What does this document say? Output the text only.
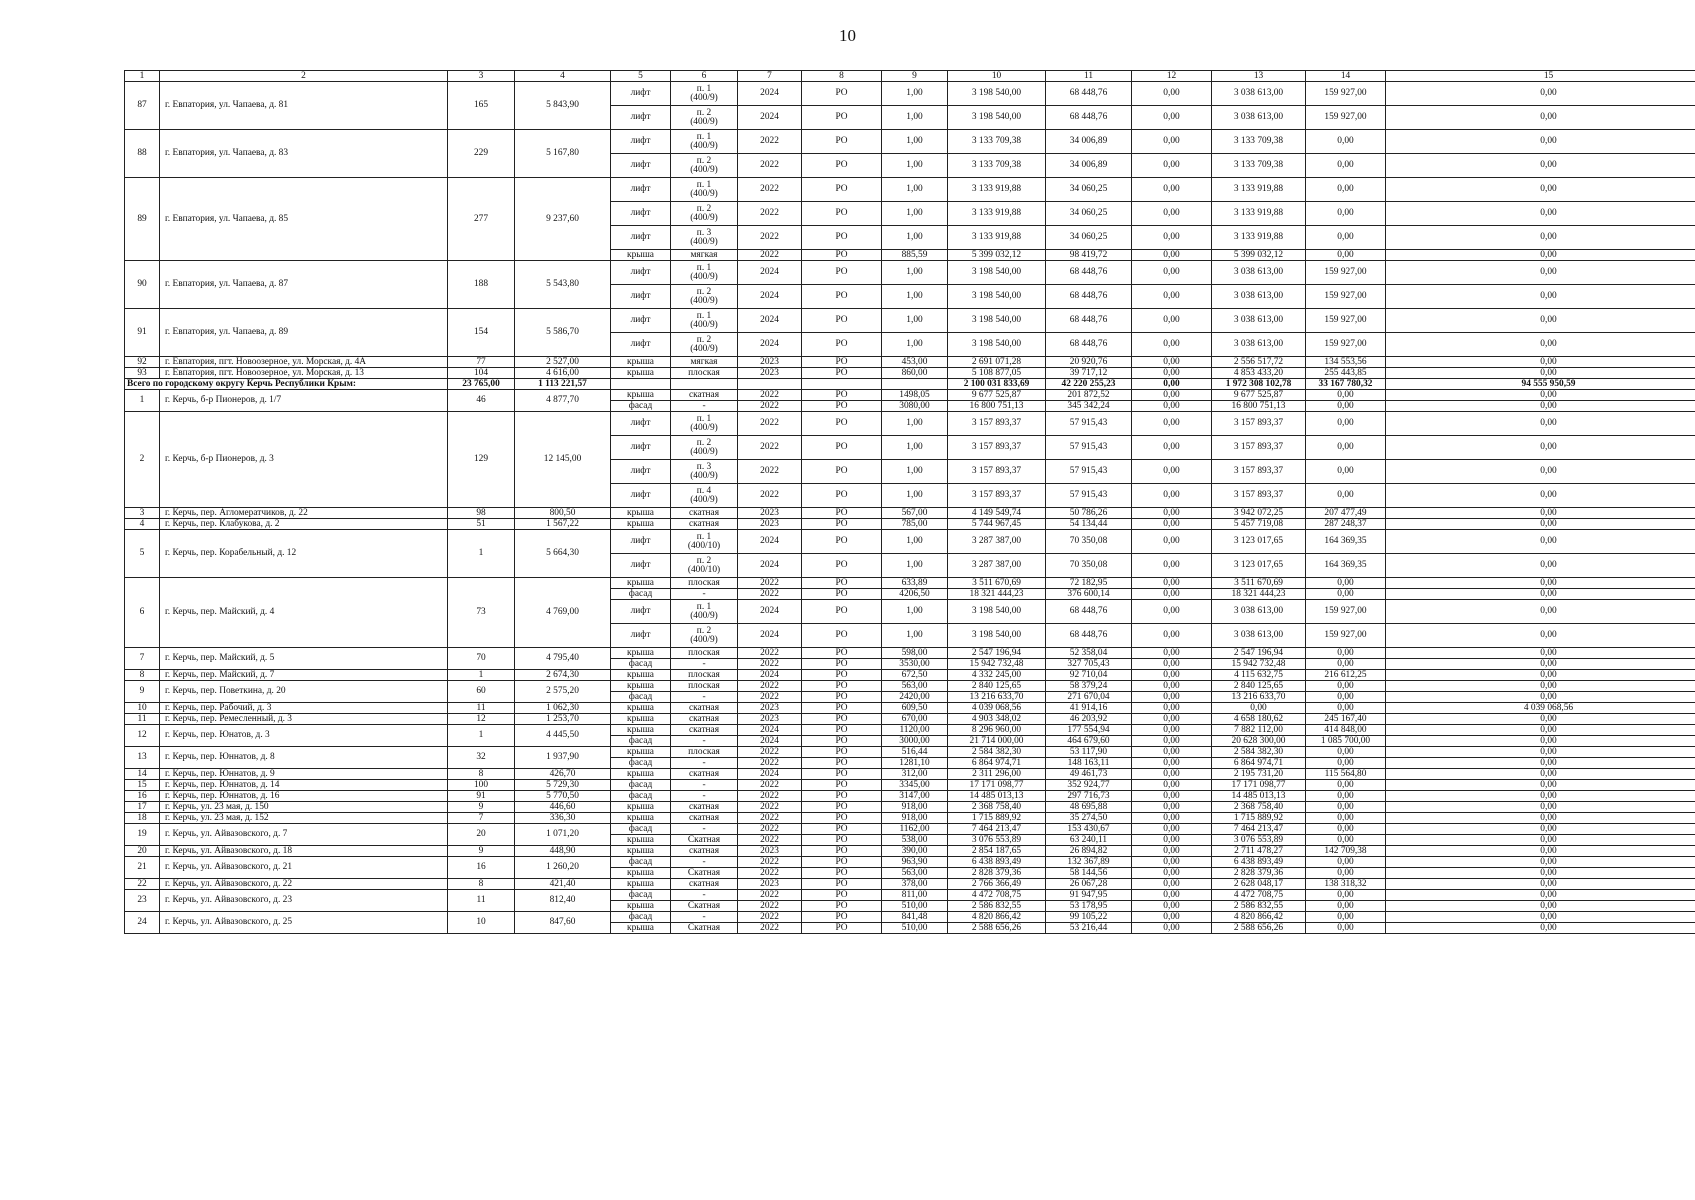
10
1	2	3	4	5	6	7	8	9	10	11	12	13	14	15
87	г. Евпатория, ул. Чапаева, д. 81	165	5 843,90	лифт	п. 1
(400/9)	2024	РО	1,00	3 198 540,00	68 448,76	0,00	3 038 613,00	159 927,00	0,00
				лифт	п. 2
(400/9)	2024	РО	1,00	3 198 540,00	68 448,76	0,00	3 038 613,00	159 927,00	0,00
88	г. Евпатория, ул. Чапаева, д. 83	229	5 167,80	лифт	п. 1
(400/9)	2022	РО	1,00	3 133 709,38	34 006,89	0,00	3 133 709,38	0,00	0,00
				лифт	п. 2
(400/9)	2022	РО	1,00	3 133 709,38	34 006,89	0,00	3 133 709,38	0,00	0,00
89	г. Евпатория, ул. Чапаева, д. 85	277	9 237,60	лифт	п. 1
(400/9)	2022	РО	1,00	3 133 919,88	34 060,25	0,00	3 133 919,88	0,00	0,00
				лифт	п. 2
(400/9)	2022	РО	1,00	3 133 919,88	34 060,25	0,00	3 133 919,88	0,00	0,00
				лифт	п. 3
(400/9)	2022	РО	1,00	3 133 919,88	34 060,25	0,00	3 133 919,88	0,00	0,00
				крыша	мягкая	2022	РО	885,59	5 399 032,12	98 419,72	0,00	5 399 032,12	0,00	0,00
90	г. Евпатория, ул. Чапаева, д. 87	188	5 543,80	лифт	п. 1
(400/9)	2024	РО	1,00	3 198 540,00	68 448,76	0,00	3 038 613,00	159 927,00	0,00
				лифт	п. 2
(400/9)	2024	РО	1,00	3 198 540,00	68 448,76	0,00	3 038 613,00	159 927,00	0,00
91	г. Евпатория, ул. Чапаева, д. 89	154	5 586,70	лифт	п. 1
(400/9)	2024	РО	1,00	3 198 540,00	68 448,76	0,00	3 038 613,00	159 927,00	0,00
				лифт	п. 2
(400/9)	2024	РО	1,00	3 198 540,00	68 448,76	0,00	3 038 613,00	159 927,00	0,00
92	г. Евпатория, пгт. Новоозерное, ул. Морская, д. 4А	77	2 527,00	крыша	мягкая	2023	РО	453,00	2 691 071,28	20 920,76	0,00	2 556 517,72	134 553,56	0,00
93	г. Евпатория, пгт. Новоозерное, ул. Морская, д. 13	104	4 616,00	крыша	плоская	2023	РО	860,00	5 108 877,05	39 717,12	0,00	4 853 433,20	255 443,85	0,00
Всего по городскому округу Керчь Республики Крым:		23 765,00	1 113 221,57						2 100 031 833,69	42 220 255,23	0,00	1 972 308 102,78	33 167 780,32	94 555 950,59
1	г. Керчь, б-р Пионеров, д. 1/7	46	4 877,70	крыша	скатная	2022	РО	1498,05	9 677 525,87	201 872,52	0,00	9 677 525,87	0,00	0,00
				фасад	-	2022	РО	3080,00	16 800 751,13	345 342,24	0,00	16 800 751,13	0,00	0,00
2	г. Керчь, б-р Пионеров, д. 3	129	12 145,00	лифт	п. 1
(400/9)	2022	РО	1,00	3 157 893,37	57 915,43	0,00	3 157 893,37	0,00	0,00
				лифт	п. 2
(400/9)	2022	РО	1,00	3 157 893,37	57 915,43	0,00	3 157 893,37	0,00	0,00
				лифт	п. 3
(400/9)	2022	РО	1,00	3 157 893,37	57 915,43	0,00	3 157 893,37	0,00	0,00
				лифт	п. 4
(400/9)	2022	РО	1,00	3 157 893,37	57 915,43	0,00	3 157 893,37	0,00	0,00
3	г. Керчь, пер. Агломератчиков, д. 22	98	800,50	крыша	скатная	2023	РО	567,00	4 149 549,74	50 786,26	0,00	3 942 072,25	207 477,49	0,00
4	г. Керчь, пер. Клабукова, д. 2	51	1 567,22	крыша	скатная	2023	РО	785,00	5 744 967,45	54 134,44	0,00	5 457 719,08	287 248,37	0,00
5	г. Керчь, пер. Корабельный, д. 12	1	5 664,30	лифт	п. 1
(400/10)	2024	РО	1,00	3 287 387,00	70 350,08	0,00	3 123 017,65	164 369,35	0,00
				лифт	п. 2
(400/10)	2024	РО	1,00	3 287 387,00	70 350,08	0,00	3 123 017,65	164 369,35	0,00
6	г. Керчь, пер. Майский, д. 4	73	4 769,00	крыша	плоская	2022	РО	633,89	3 511 670,69	72 182,95	0,00	3 511 670,69	0,00	0,00
				фасад	-	2022	РО	4206,50	18 321 444,23	376 600,14	0,00	18 321 444,23	0,00	0,00
				лифт	п. 1
(400/9)	2024	РО	1,00	3 198 540,00	68 448,76	0,00	3 038 613,00	159 927,00	0,00
				лифт	п. 2
(400/9)	2024	РО	1,00	3 198 540,00	68 448,76	0,00	3 038 613,00	159 927,00	0,00
7	г. Керчь, пер. Майский, д. 5	70	4 795,40	крыша	плоская	2022	РО	598,00	2 547 196,94	52 358,04	0,00	2 547 196,94	0,00	0,00
				фасад	-	2022	РО	3530,00	15 942 732,48	327 705,43	0,00	15 942 732,48	0,00	0,00
8	г. Керчь, пер. Майский, д. 7	1	2 674,30	крыша	плоская	2024	РО	672,50	4 332 245,00	92 710,04	0,00	4 115 632,75	216 612,25	0,00
9	г. Керчь, пер. Поветкина, д. 20	60	2 575,20	крыша	плоская	2022	РО	563,00	2 840 125,65	58 379,24	0,00	2 840 125,65	0,00	0,00
				фасад	-	2022	РО	2420,00	13 216 633,70	271 670,04	0,00	13 216 633,70	0,00	0,00
10	г. Керчь, пер. Рабочий, д. 3	11	1 062,30	крыша	скатная	2023	РО	609,50	4 039 068,56	41 914,16	0,00	0,00	0,00	4 039 068,56
11	г. Керчь, пер. Ремесленный, д. 3	12	1 253,70	крыша	скатная	2023	РО	670,00	4 903 348,02	46 203,92	0,00	4 658 180,62	245 167,40	0,00
12	г. Керчь, пер. Юнатов, д. 3	1	4 445,50	крыша	скатная	2024	РО	1120,00	8 296 960,00	177 554,94	0,00	7 882 112,00	414 848,00	0,00
				фасад	-	2024	РО	3000,00	21 714 000,00	464 679,60	0,00	20 628 300,00	1 085 700,00	0,00
13	г. Керчь, пер. Юннатов, д. 8	32	1 937,90	крыша	плоская	2022	РО	516,44	2 584 382,30	53 117,90	0,00	2 584 382,30	0,00	0,00
				фасад	-	2022	РО	1281,10	6 864 974,71	148 163,11	0,00	6 864 974,71	0,00	0,00
14	г. Керчь, пер. Юннатов, д. 9	8	426,70	крыша	скатная	2024	РО	312,00	2 311 296,00	49 461,73	0,00	2 195 731,20	115 564,80	0,00
15	г. Керчь, пер. Юннатов, д. 14	100	5 729,30	фасад	-	2022	РО	3345,00	17 171 098,77	352 924,77	0,00	17 171 098,77	0,00	0,00
16	г. Керчь, пер. Юннатов, д. 16	91	5 770,50	фасад	-	2022	РО	3147,00	14 485 013,13	297 716,73	0,00	14 485 013,13	0,00	0,00
17	г. Керчь, ул. 23 мая, д. 150	9	446,60	крыша	скатная	2022	РО	918,00	2 368 758,40	48 695,88	0,00	2 368 758,40	0,00	0,00
18	г. Керчь, ул. 23 мая, д. 152	7	336,30	крыша	скатная	2022	РО	918,00	1 715 889,92	35 274,50	0,00	1 715 889,92	0,00	0,00
19	г. Керчь, ул. Айвазовского, д. 7	20	1 071,20	фасад	-	2022	РО	1162,00	7 464 213,47	153 430,67	0,00	7 464 213,47	0,00	0,00
				крыша	Скатная	2022	РО	538,00	3 076 553,89	63 240,11	0,00	3 076 553,89	0,00	0,00
20	г. Керчь, ул. Айвазовского, д. 18	9	448,90	крыша	скатная	2023	РО	390,00	2 854 187,65	26 894,82	0,00	2 711 478,27	142 709,38	0,00
21	г. Керчь, ул. Айвазовского, д. 21	16	1 260,20	фасад	-	2022	РО	963,90	6 438 893,49	132 367,89	0,00	6 438 893,49	0,00	0,00
				крыша	Скатная	2022	РО	563,00	2 828 379,36	58 144,56	0,00	2 828 379,36	0,00	0,00
22	г. Керчь, ул. Айвазовского, д. 22	8	421,40	крыша	скатная	2023	РО	378,00	2 766 366,49	26 067,28	0,00	2 628 048,17	138 318,32	0,00
23	г. Керчь, ул. Айвазовского, д. 23	11	812,40	фасад	-	2022	РО	811,00	4 472 708,75	91 947,95	0,00	4 472 708,75	0,00	0,00
				крыша	Скатная	2022	РО	510,00	2 586 832,55	53 178,95	0,00	2 586 832,55	0,00	0,00
24	г. Керчь, ул. Айвазовского, д. 25	10	847,60	фасад	-	2022	РО	841,48	4 820 866,42	99 105,22	0,00	4 820 866,42	0,00	0,00
				крыша	Скатная	2022	РО	510,00	2 588 656,26	53 216,44	0,00	2 588 656,26	0,00	0,00
